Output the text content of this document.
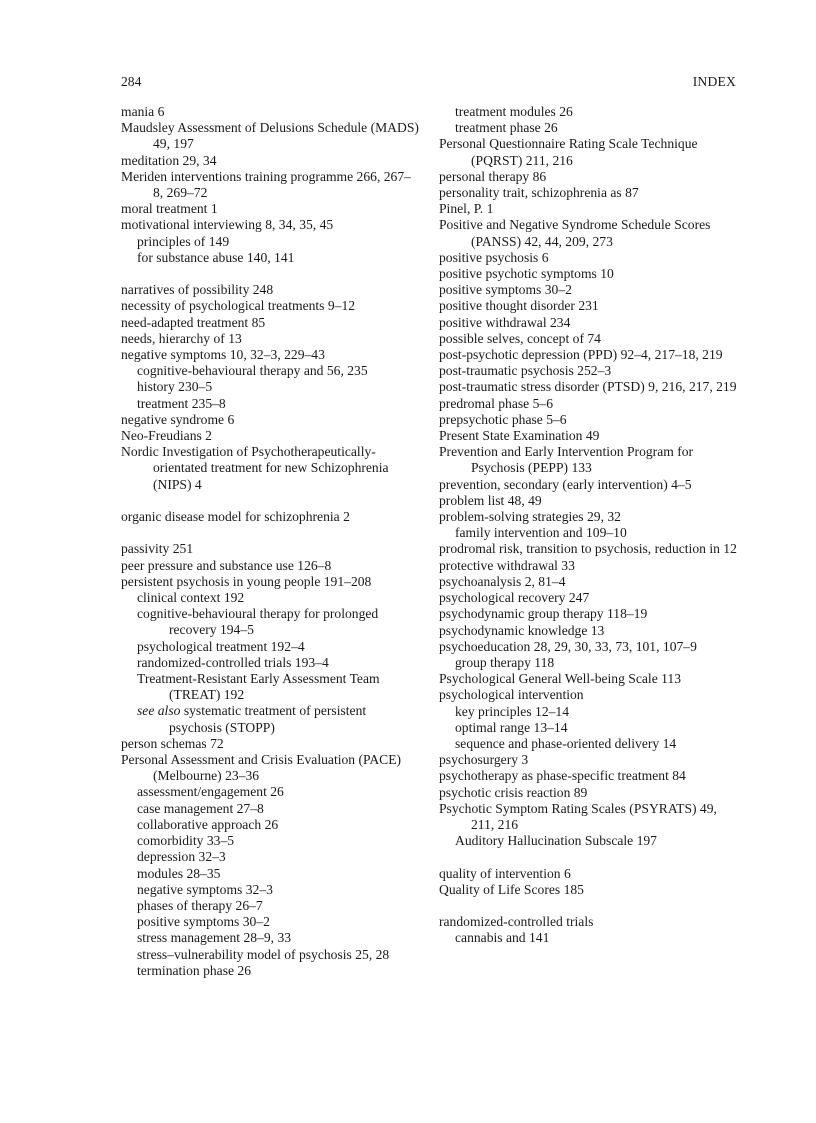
284	INDEX
mania 6
Maudsley Assessment of Delusions Schedule (MADS) 49, 197
meditation 29, 34
Meriden interventions training programme 266, 267–8, 269–72
moral treatment 1
motivational interviewing 8, 34, 35, 45
principles of 149
for substance abuse 140, 141
narratives of possibility 248
necessity of psychological treatments 9–12
need-adapted treatment 85
needs, hierarchy of 13
negative symptoms 10, 32–3, 229–43
cognitive-behavioural therapy and 56, 235
history 230–5
treatment 235–8
negative syndrome 6
Neo-Freudians 2
Nordic Investigation of Psychotherapeutically-orientated treatment for new Schizophrenia (NIPS) 4
organic disease model for schizophrenia 2
passivity 251
peer pressure and substance use 126–8
persistent psychosis in young people 191–208
clinical context 192
cognitive-behavioural therapy for prolonged recovery 194–5
psychological treatment 192–4
randomized-controlled trials 193–4
Treatment-Resistant Early Assessment Team (TREAT) 192
see also systematic treatment of persistent psychosis (STOPP)
person schemas 72
Personal Assessment and Crisis Evaluation (PACE) (Melbourne) 23–36
assessment/engagement 26
case management 27–8
collaborative approach 26
comorbidity 33–5
depression 32–3
modules 28–35
negative symptoms 32–3
phases of therapy 26–7
positive symptoms 30–2
stress management 28–9, 33
stress–vulnerability model of psychosis 25, 28
termination phase 26
treatment modules 26
treatment phase 26
Personal Questionnaire Rating Scale Technique (PQRST) 211, 216
personal therapy 86
personality trait, schizophrenia as 87
Pinel, P. 1
Positive and Negative Syndrome Schedule Scores (PANSS) 42, 44, 209, 273
positive psychosis 6
positive psychotic symptoms 10
positive symptoms 30–2
positive thought disorder 231
positive withdrawal 234
possible selves, concept of 74
post-psychotic depression (PPD) 92–4, 217–18, 219
post-traumatic psychosis 252–3
post-traumatic stress disorder (PTSD) 9, 216, 217, 219
predromal phase 5–6
prepsychotic phase 5–6
Present State Examination 49
Prevention and Early Intervention Program for Psychosis (PEPP) 133
prevention, secondary (early intervention) 4–5
problem list 48, 49
problem-solving strategies 29, 32
family intervention and 109–10
prodromal risk, transition to psychosis, reduction in 12
protective withdrawal 33
psychoanalysis 2, 81–4
psychological recovery 247
psychodynamic group therapy 118–19
psychodynamic knowledge 13
psychoeducation 28, 29, 30, 33, 73, 101, 107–9
group therapy 118
Psychological General Well-being Scale 113
psychological intervention
key principles 12–14
optimal range 13–14
sequence and phase-oriented delivery 14
psychosurgery 3
psychotherapy as phase-specific treatment 84
psychotic crisis reaction 89
Psychotic Symptom Rating Scales (PSYRATS) 49, 211, 216
Auditory Hallucination Subscale 197
quality of intervention 6
Quality of Life Scores 185
randomized-controlled trials
cannabis and 141
